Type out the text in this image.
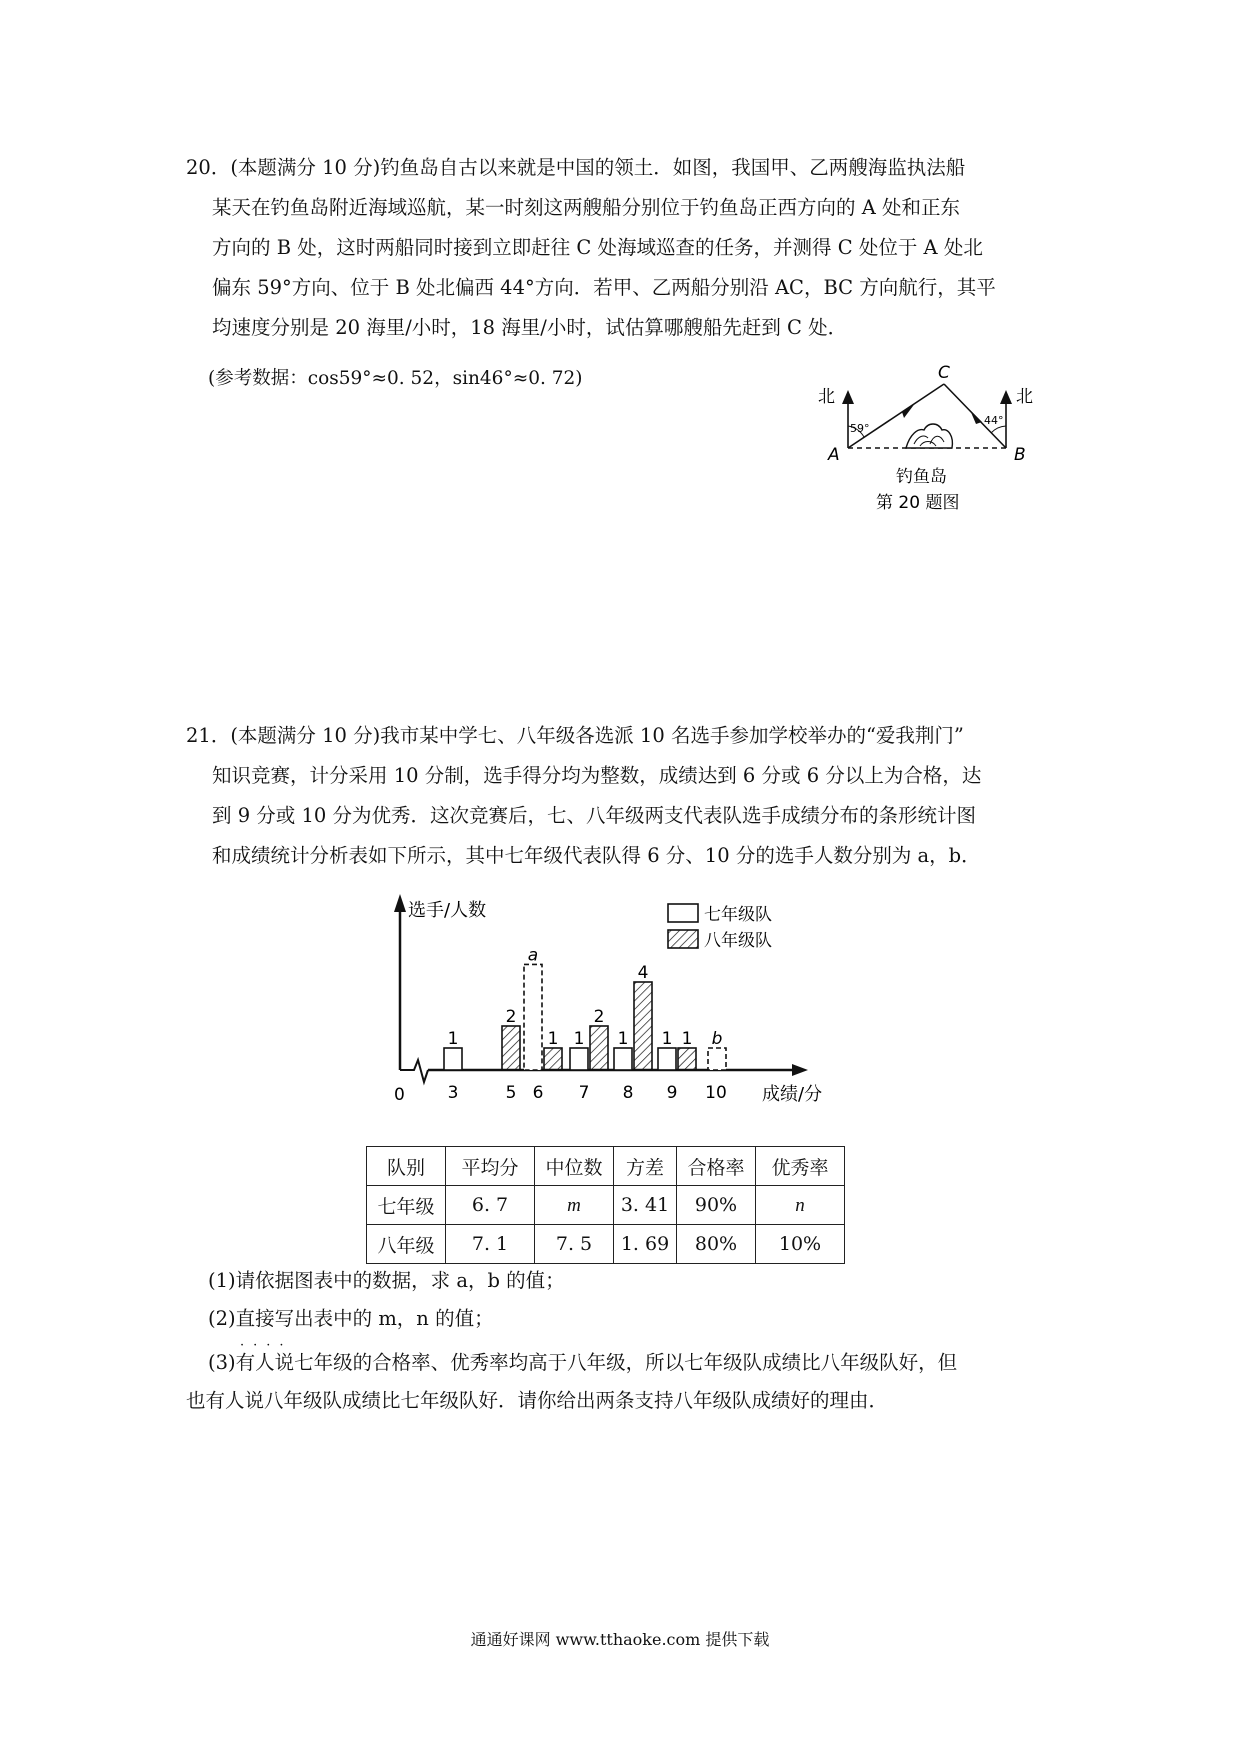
20．(本题满分 10 分)钓鱼岛自古以来就是中国的领土．如图，我国甲、乙两艘海监执法船
某天在钓鱼岛附近海域巡航，某一时刻这两艘船分别位于钓鱼岛正西方向的 A 处和正东
方向的 B 处，这时两船同时接到立即赶往 C 处海域巡查的任务，并测得 C 处位于 A 处北
偏东 59°方向、位于 B 处北偏西 44°方向．若甲、乙两船分别沿 AC，BC 方向航行，其平
均速度分别是 20 海里/小时，18 海里/小时，试估算哪艘船先赶到 C 处．
(参考数据：cos59°≈0. 52，sin46°≈0. 72)	C
A	B
北	北
59°
44°
钓鱼岛
第 20 题图
21．(本题满分 10 分)我市某中学七、八年级各选派 10 名选手参加学校举办的“爱我荆门”
知识竞赛，计分采用 10 分制，选手得分均为整数，成绩达到 6 分或 6 分以上为合格，达
到 9 分或 10 分为优秀．这次竞赛后，七、八年级两支代表队选手成绩分布的条形统计图
和成绩统计分析表如下所示，其中七年级代表队得 6 分、10 分的选手人数分别为 a，b．
选手/人数
成绩/分
0
七年级队
八年级队
1
3
2
5
a
1
6
1
2
7
1
4
8
1 1
9
b
10
队别	平均分	中位数	方差	合格率	优秀率
七年级	6. 7	m	3. 41	90%	n
八年级	7. 1	7. 5	1. 69	80%	10%
(1)请依据图表中的数据，求 a，b 的值；
(2)直接写出表中的 m，n 的值；
(3)有人说七年级的合格率、优秀率均高于八年级，所以七年级队成绩比八年级队好，但
也有人说八年级队成绩比七年级队好．请你给出两条支持八年级队成绩好的理由．
····
通通好课网 www.tthaoke.com 提供下载
